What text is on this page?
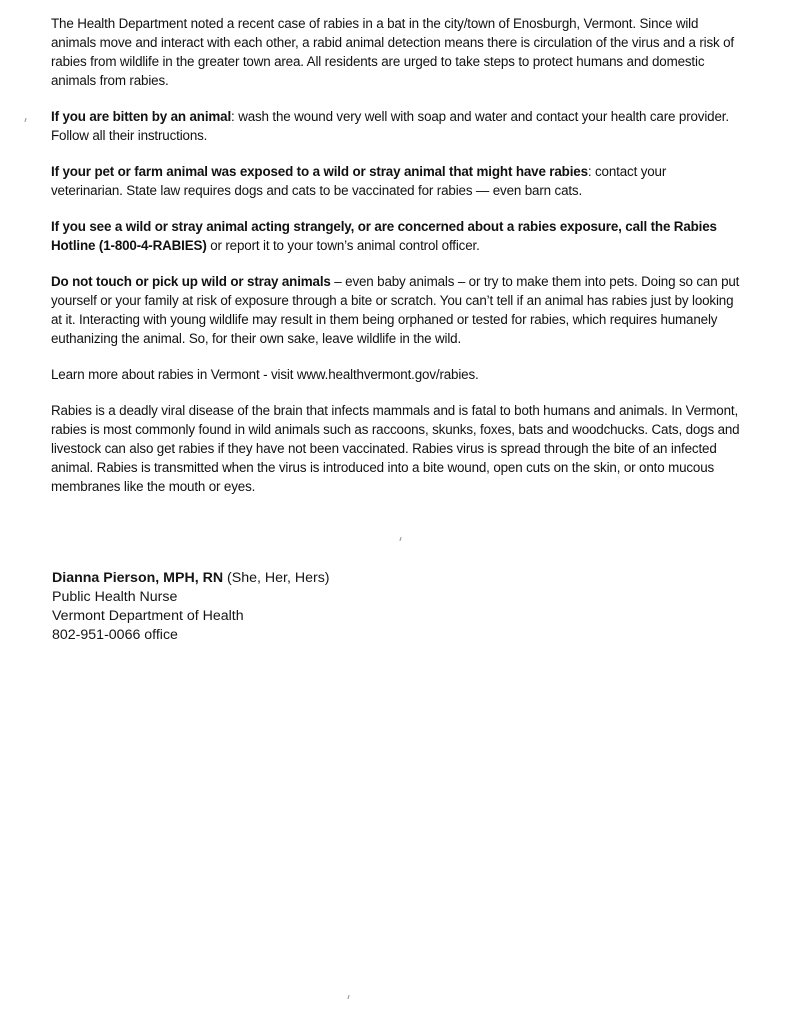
The Health Department noted a recent case of rabies in a bat in the city/town of Enosburgh, Vermont. Since wild animals move and interact with each other, a rabid animal detection means there is circulation of the virus and a risk of rabies from wildlife in the greater town area. All residents are urged to take steps to protect humans and domestic animals from rabies.

If you are bitten by an animal: wash the wound very well with soap and water and contact your health care provider. Follow all their instructions.

If your pet or farm animal was exposed to a wild or stray animal that might have rabies: contact your veterinarian. State law requires dogs and cats to be vaccinated for rabies — even barn cats.

If you see a wild or stray animal acting strangely, or are concerned about a rabies exposure, call the Rabies Hotline (1-800-4-RABIES) or report it to your town’s animal control officer.

Do not touch or pick up wild or stray animals – even baby animals – or try to make them into pets. Doing so can put yourself or your family at risk of exposure through a bite or scratch. You can’t tell if an animal has rabies just by looking at it. Interacting with young wildlife may result in them being orphaned or tested for rabies, which requires humanely euthanizing the animal. So, for their own sake, leave wildlife in the wild.

Learn more about rabies in Vermont - visit www.healthvermont.gov/rabies.

Rabies is a deadly viral disease of the brain that infects mammals and is fatal to both humans and animals. In Vermont, rabies is most commonly found in wild animals such as raccoons, skunks, foxes, bats and woodchucks. Cats, dogs and livestock can also get rabies if they have not been vaccinated. Rabies virus is spread through the bite of an infected animal. Rabies is transmitted when the virus is introduced into a bite wound, open cuts on the skin, or onto mucous membranes like the mouth or eyes.

Dianna Pierson, MPH, RN (She, Her, Hers)
Public Health Nurse
Vermont Department of Health
802-951-0066 office
